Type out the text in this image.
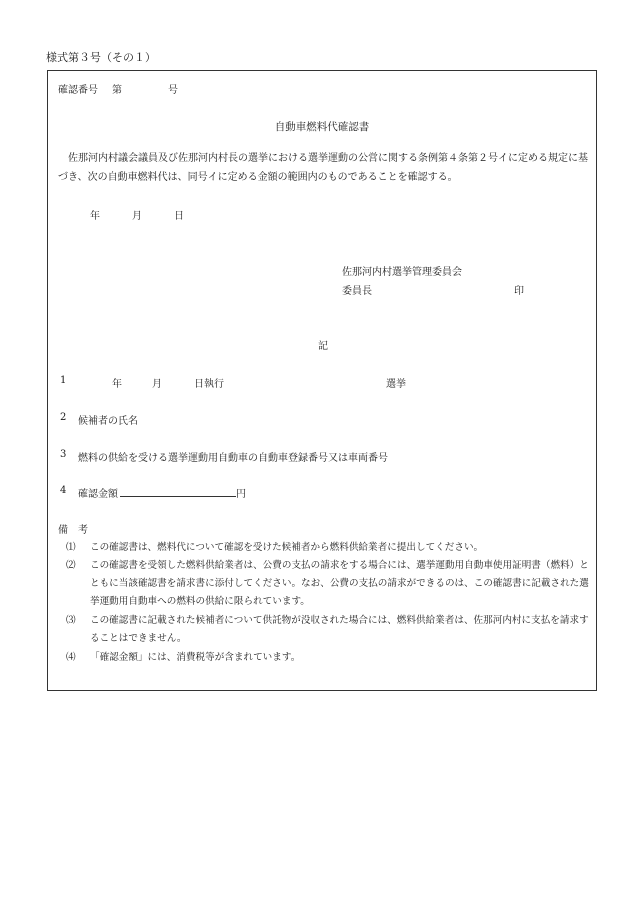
様式第３号（その１）
確認番号 第	号
自動車燃料代確認書
佐那河内村議会議員及び佐那河内村長の選挙における選挙運動の公営に関する条例第４条第２号イに定める規定に基づき、次の自動車燃料代は、同号イに定める金額の範囲内のものであることを確認する。
年	月	日
佐那河内村選挙管理委員会
委員長	印
記
1	年	月	日執行	選挙
2 候補者の氏名
3 燃料の供給を受ける選挙運動用自動車の自動車登録番号又は車両番号
4 確認金額	円
備　考
⑴	この確認書は、燃料代について確認を受けた候補者から燃料供給業者に提出してください。
⑵	この確認書を受領した燃料供給業者は、公費の支払の請求をする場合には、選挙運動用自動車使用証明書（燃料）とともに当該確認書を請求書に添付してください。なお、公費の支払の請求ができるのは、この確認書に記載された選挙運動用自動車への燃料の供給に限られています。
⑶	この確認書に記載された候補者について供託物が没収された場合には、燃料供給業者は、佐那河内村に支払を請求することはできません。
⑷	「確認金額」には、消費税等が含まれています。
